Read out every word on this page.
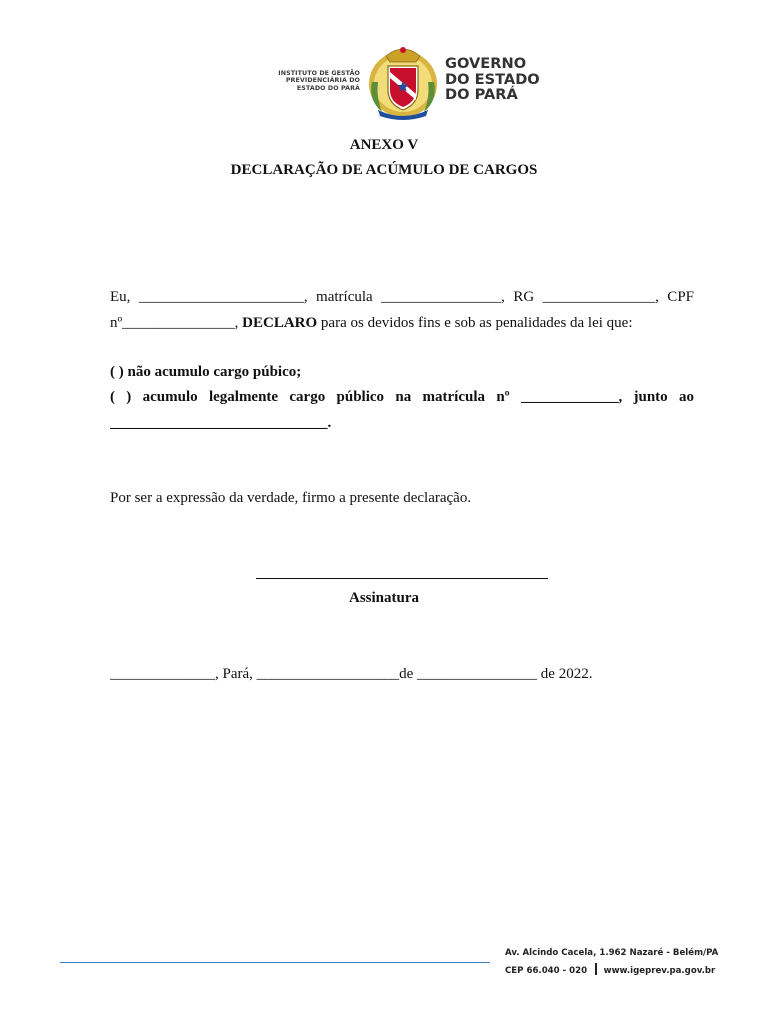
INSTITUTO DE GESTÃO
PREVIDENCIÁRIA DO
ESTADO DO PARÁ
GOVERNO
DO ESTADO
DO PARÁ
ANEXO V
DECLARAÇÃO DE ACÚMULO DE CARGOS
Eu, ______________________, matrícula ________________, RG _______________, CPF
nº_______________, DECLARO para os devidos fins e sob as penalidades da lei que:
( ) não acumulo cargo púbico;
( ) acumulo legalmente cargo público na matrícula nº _____________, junto ao
_____________________________.
Por ser a expressão da verdade, firmo a presente declaração.
Assinatura
______________, Pará, ___________________de ________________ de 2022.
Av. Alcindo Cacela, 1.962 Nazaré - Belém/PA
CEP 66.040 - 020 www.igeprev.pa.gov.br
